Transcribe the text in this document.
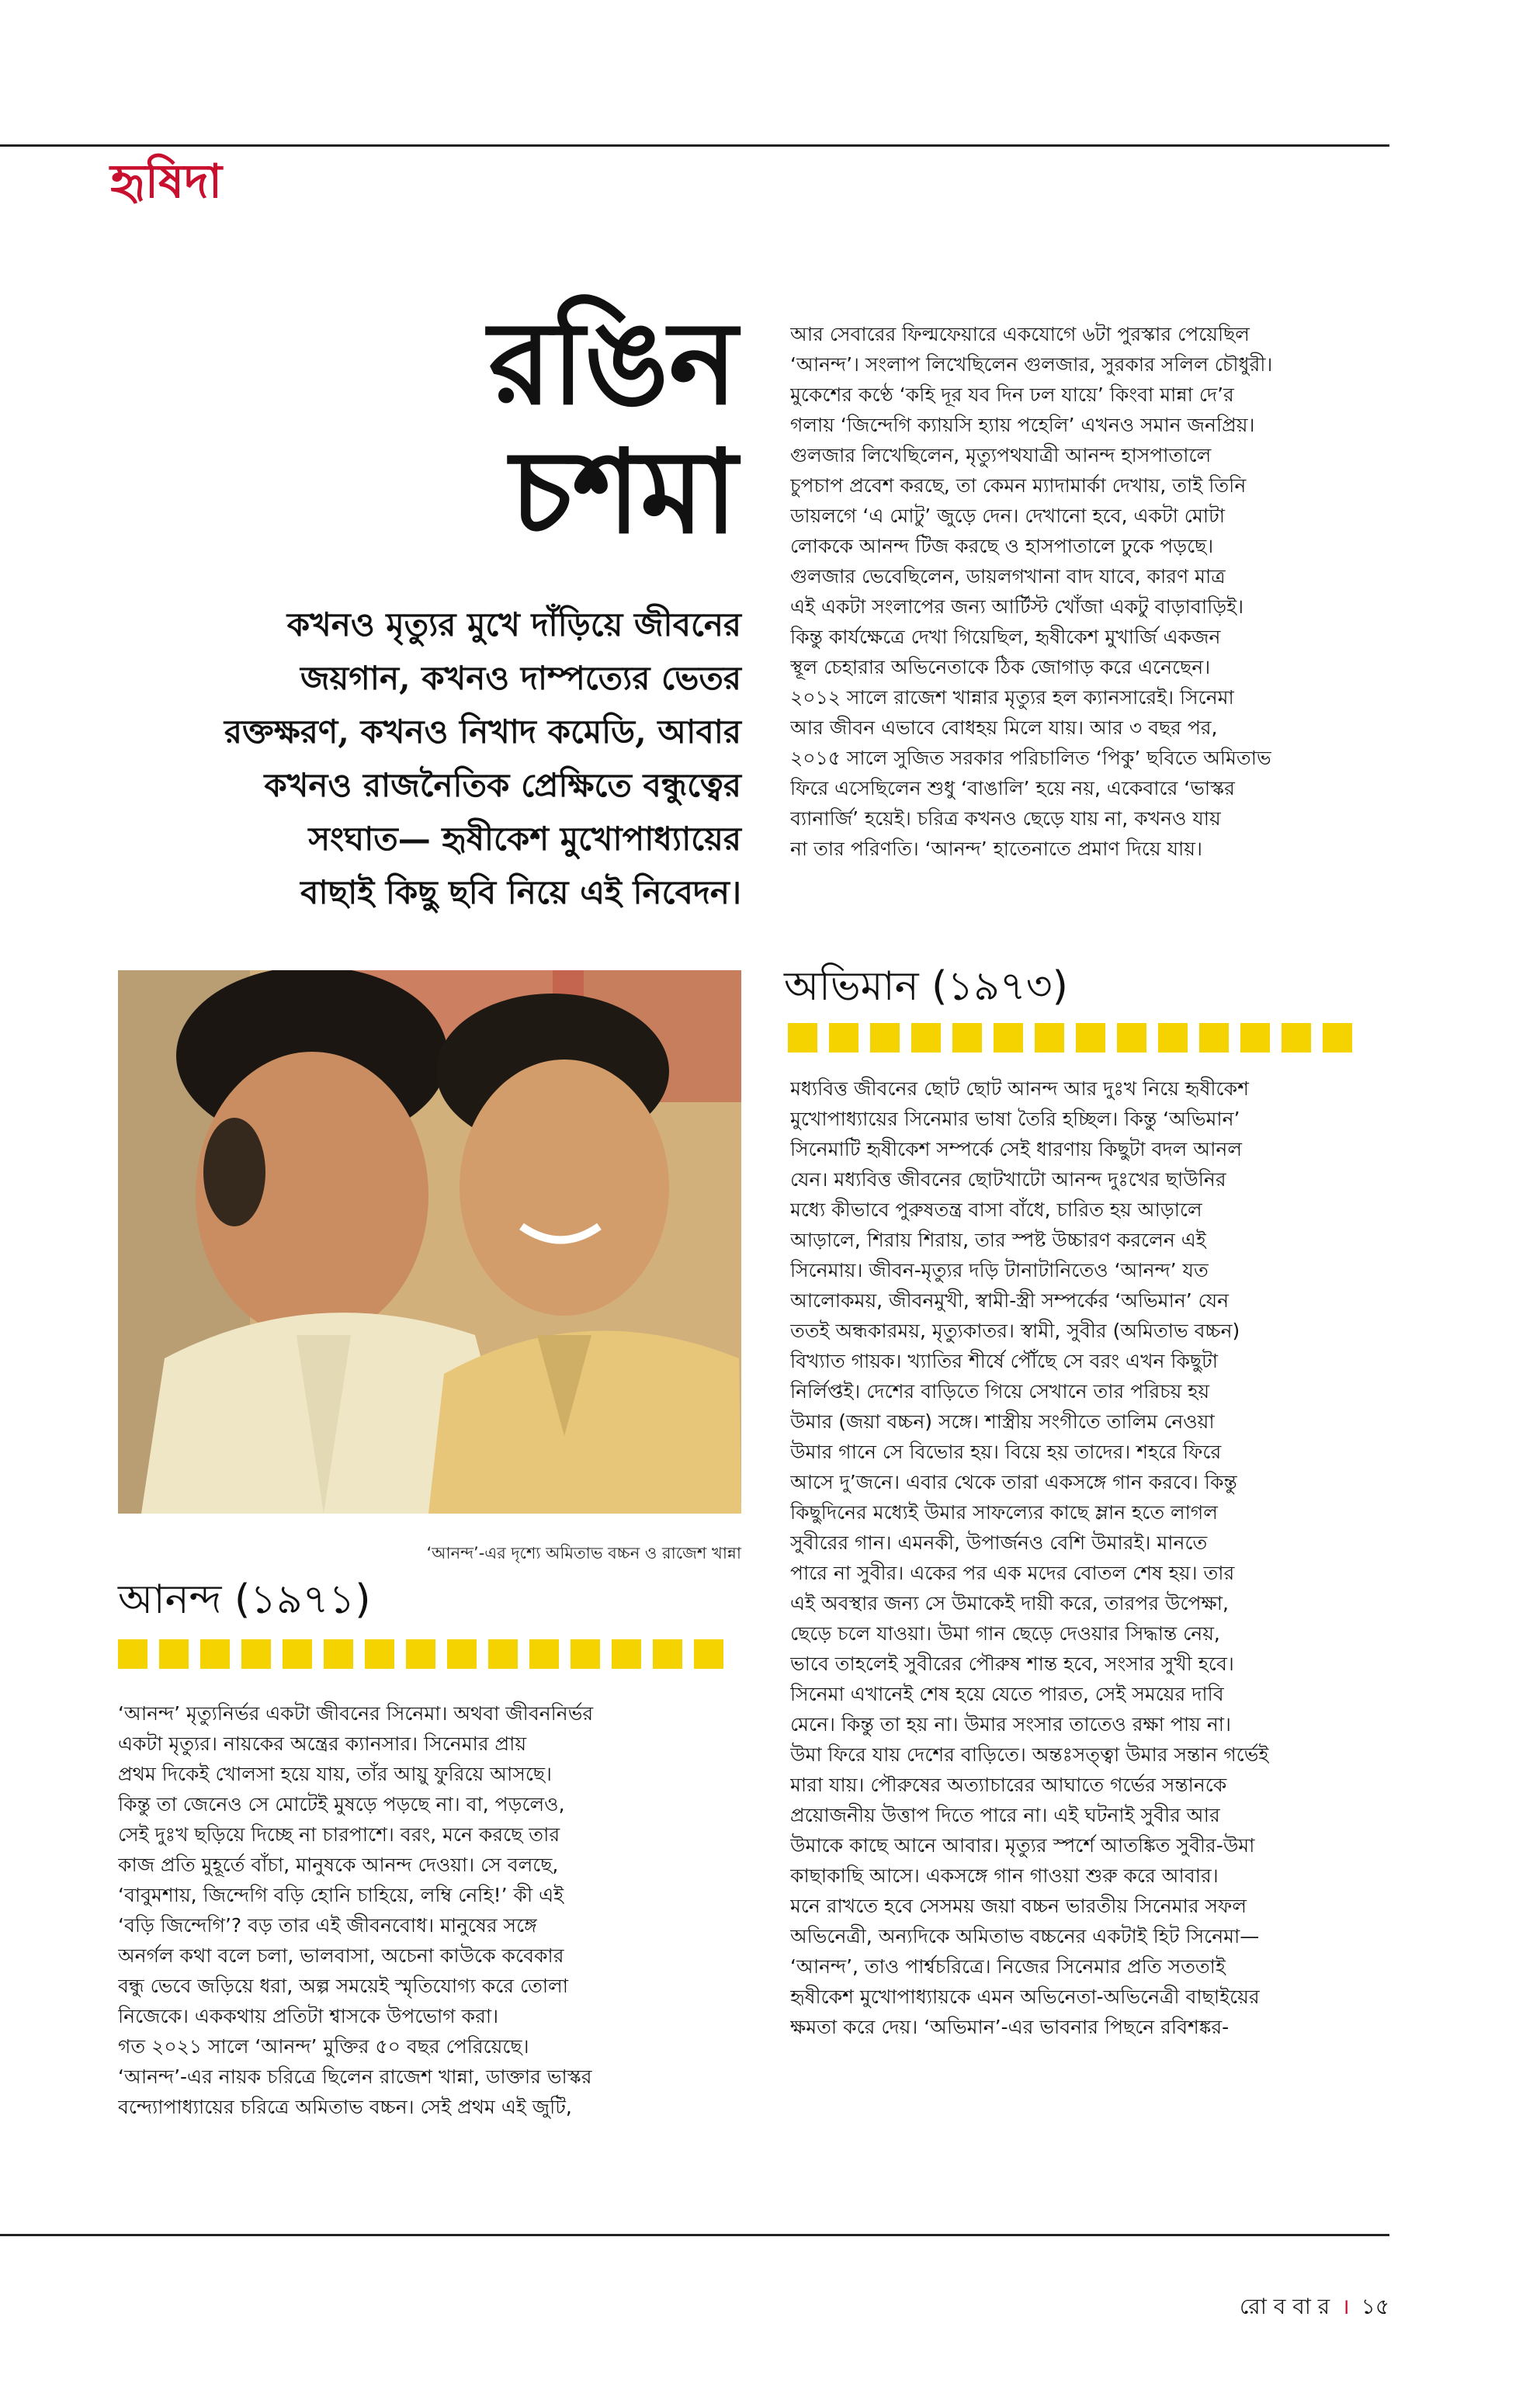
হৃষিদা
রঙিন
চশমা
কখনও মৃত্যুর মুখে দাঁড়িয়ে জীবনের
জয়গান, কখনও দাম্পত্যের ভেতর
রক্তক্ষরণ, কখনও নিখাদ কমেডি, আবার
কখনও রাজনৈতিক প্রেক্ষিতে বন্ধুত্বের
সংঘাত— হৃষীকেশ মুখোপাধ্যায়ের
বাছাই কিছু ছবি নিয়ে এই নিবেদন।
‘আনন্দ’-এর দৃশ্যে অমিতাভ বচ্চন ও রাজেশ খান্না
আনন্দ (১৯৭১)
‘আনন্দ’ মৃত্যুনির্ভর একটা জীবনের সিনেমা। অথবা জীবননির্ভর
একটা মৃত্যুর। নায়কের অন্ত্রের ক্যানসার। সিনেমার প্রায়
প্রথম দিকেই খোলসা হয়ে যায়, তাঁর আয়ু ফুরিয়ে আসছে।
কিন্তু তা জেনেও সে মোটেই মুষড়ে পড়ছে না। বা, পড়লেও,
সেই দুঃখ ছড়িয়ে দিচ্ছে না চারপাশে। বরং, মনে করছে তার
কাজ প্রতি মুহূর্তে বাঁচা, মানুষকে আনন্দ দেওয়া। সে বলছে,
‘বাবুমশায়, জিন্দেগি বড়ি হোনি চাহিয়ে, লম্বি নেহি!’ কী এই
‘বড়ি জিন্দেগি’? বড় তার এই জীবনবোধ। মানুষের সঙ্গে
অনর্গল কথা বলে চলা, ভালবাসা, অচেনা কাউকে কবেকার
বন্ধু ভেবে জড়িয়ে ধরা, অল্প সময়েই স্মৃতিযোগ্য করে তোলা
নিজেকে। এককথায় প্রতিটা শ্বাসকে উপভোগ করা।
গত ২০২১ সালে ‘আনন্দ’ মুক্তির ৫০ বছর পেরিয়েছে।
‘আনন্দ’-এর নায়ক চরিত্রে ছিলেন রাজেশ খান্না, ডাক্তার ভাস্কর
বন্দ্যোপাধ্যায়ের চরিত্রে অমিতাভ বচ্চন। সেই প্রথম এই জুটি,
আর সেবারের ফিল্মফেয়ারে একযোগে ৬টা পুরস্কার পেয়েছিল
‘আনন্দ’। সংলাপ লিখেছিলেন গুলজার, সুরকার সলিল চৌধুরী।
মুকেশের কণ্ঠে ‘কহি দূর যব দিন ঢল যায়ে’ কিংবা মান্না দে’র
গলায় ‘জিন্দেগি ক্যায়সি হ্যায় পহেলি’ এখনও সমান জনপ্রিয়।
গুলজার লিখেছিলেন, মৃত্যুপথযাত্রী আনন্দ হাসপাতালে
চুপচাপ প্রবেশ করছে, তা কেমন ম্যাদামার্কা দেখায়, তাই তিনি
ডায়লগে ‘এ মোটু’ জুড়ে দেন। দেখানো হবে, একটা মোটা
লোককে আনন্দ টিজ করছে ও হাসপাতালে ঢুকে পড়ছে।
গুলজার ভেবেছিলেন, ডায়লগখানা বাদ যাবে, কারণ মাত্র
এই একটা সংলাপের জন্য আর্টিস্ট খোঁজা একটু বাড়াবাড়িই।
কিন্তু কার্যক্ষেত্রে দেখা গিয়েছিল, হৃষীকেশ মুখার্জি একজন
স্থূল চেহারার অভিনেতাকে ঠিক জোগাড় করে এনেছেন।
২০১২ সালে রাজেশ খান্নার মৃত্যুর হল ক্যানসারেই। সিনেমা
আর জীবন এভাবে বোধহয় মিলে যায়। আর ৩ বছর পর,
২০১৫ সালে সুজিত সরকার পরিচালিত ‘পিকু’ ছবিতে অমিতাভ
ফিরে এসেছিলেন শুধু ‘বাঙালি’ হয়ে নয়, একেবারে ‘ভাস্কর
ব্যানার্জি’ হয়েই। চরিত্র কখনও ছেড়ে যায় না, কখনও যায়
না তার পরিণতি। ‘আনন্দ’ হাতেনাতে প্রমাণ দিয়ে যায়।
অভিমান (১৯৭৩)
মধ্যবিত্ত জীবনের ছোট ছোট আনন্দ আর দুঃখ নিয়ে হৃষীকেশ
মুখোপাধ্যায়ের সিনেমার ভাষা তৈরি হচ্ছিল। কিন্তু ‘অভিমান’
সিনেমাটি হৃষীকেশ সম্পর্কে সেই ধারণায় কিছুটা বদল আনল
যেন। মধ্যবিত্ত জীবনের ছোটখাটো আনন্দ দুঃখের ছাউনির
মধ্যে কীভাবে পুরুষতন্ত্র বাসা বাঁধে, চারিত হয় আড়ালে
আড়ালে, শিরায় শিরায়, তার স্পষ্ট উচ্চারণ করলেন এই
সিনেমায়। জীবন-মৃত্যুর দড়ি টানাটানিতেও ‘আনন্দ’ যত
আলোকময়, জীবনমুখী, স্বামী-স্ত্রী সম্পর্কের ‘অভিমান’ যেন
ততই অন্ধকারময়, মৃত্যুকাতর। স্বামী, সুবীর (অমিতাভ বচ্চন)
বিখ্যাত গায়ক। খ্যাতির শীর্ষে পৌঁছে সে বরং এখন কিছুটা
নির্লিপ্তই। দেশের বাড়িতে গিয়ে সেখানে তার পরিচয় হয়
উমার (জয়া বচ্চন) সঙ্গে। শাস্ত্রীয় সংগীতে তালিম নেওয়া
উমার গানে সে বিভোর হয়। বিয়ে হয় তাদের। শহরে ফিরে
আসে দু’জনে। এবার থেকে তারা একসঙ্গে গান করবে। কিন্তু
কিছুদিনের মধ্যেই উমার সাফল্যের কাছে ম্লান হতে লাগল
সুবীরের গান। এমনকী, উপার্জনও বেশি উমারই। মানতে
পারে না সুবীর। একের পর এক মদের বোতল শেষ হয়। তার
এই অবস্থার জন্য সে উমাকেই দায়ী করে, তারপর উপেক্ষা,
ছেড়ে চলে যাওয়া। উমা গান ছেড়ে দেওয়ার সিদ্ধান্ত নেয়,
ভাবে তাহলেই সুবীরের পৌরুষ শান্ত হবে, সংসার সুখী হবে।
সিনেমা এখানেই শেষ হয়ে যেতে পারত, সেই সময়ের দাবি
মেনে। কিন্তু তা হয় না। উমার সংসার তাতেও রক্ষা পায় না।
উমা ফিরে যায় দেশের বাড়িতে। অন্তঃসত্ত্বা উমার সন্তান গর্ভেই
মারা যায়। পৌরুষের অত্যাচারের আঘাতে গর্ভের সন্তানকে
প্রয়োজনীয় উত্তাপ দিতে পারে না। এই ঘটনাই সুবীর আর
উমাকে কাছে আনে আবার। মৃত্যুর স্পর্শে আতঙ্কিত সুবীর-উমা
কাছাকাছি আসে। একসঙ্গে গান গাওয়া শুরু করে আবার।
মনে রাখতে হবে সেসময় জয়া বচ্চন ভারতীয় সিনেমার সফল
অভিনেত্রী, অন্যদিকে অমিতাভ বচ্চনের একটাই হিট সিনেমা—
‘আনন্দ’, তাও পার্শ্বচরিত্রে। নিজের সিনেমার প্রতি সততাই
হৃষীকেশ মুখোপাধ্যায়কে এমন অভিনেতা-অভিনেত্রী বাছাইয়ের
ক্ষমতা করে দেয়। ‘অভিমান’-এর ভাবনার পিছনে রবিশঙ্কর-
রো ব বা র । ১৫
